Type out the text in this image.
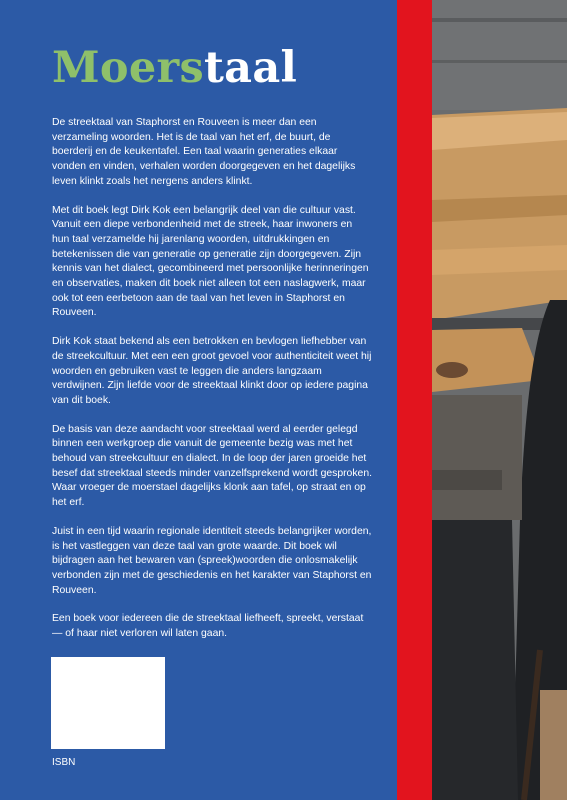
Moerstaal

De streektaal van Staphorst en Rouveen is meer dan een verzameling woorden. Het is de taal van het erf, de buurt, de boerderij en de keukentafel. Een taal waarin generaties elkaar vonden en vinden, verhalen worden doorgegeven en het dagelijks leven klinkt zoals het nergens anders klinkt.

Met dit boek legt Dirk Kok een belangrijk deel van die cultuur vast. Vanuit een diepe verbondenheid met de streek, haar inwoners en hun taal verzamelde hij jarenlang woorden, uitdrukkingen en betekenissen die van generatie op generatie zijn doorgegeven. Zijn kennis van het dialect, gecombineerd met persoonlijke herinneringen en observaties, maken dit boek niet alleen tot een naslagwerk, maar ook tot een eerbetoon aan de taal van het leven in Staphorst en Rouveen.

Dirk Kok staat bekend als een betrokken en bevlogen liefhebber van de streekcultuur. Met een een groot gevoel voor authenticiteit weet hij woorden en gebruiken vast te leggen die anders langzaam verdwijnen. Zijn liefde voor de streektaal klinkt door op iedere pagina van dit boek.

De basis van deze aandacht voor streektaal werd al eerder gelegd binnen een werkgroep die vanuit de gemeente bezig was met het behoud van streekcultuur en dialect. In de loop der jaren groeide het besef dat streektaal steeds minder vanzelfsprekend wordt gesproken. Waar vroeger de moerstael dagelijks klonk aan tafel, op straat en op het erf.

Juist in een tijd waarin regionale identiteit steeds belangrijker worden, is het vastleggen van deze taal van grote waarde. Dit boek wil bijdragen aan het bewaren van (spreek)woorden die onlosmakelijk verbonden zijn met de geschiedenis en het karakter van Staphorst en Rouveen.

Een boek voor iedereen die de streektaal liefheeft, spreekt, verstaat — of haar niet verloren wil laten gaan.

ISBN
